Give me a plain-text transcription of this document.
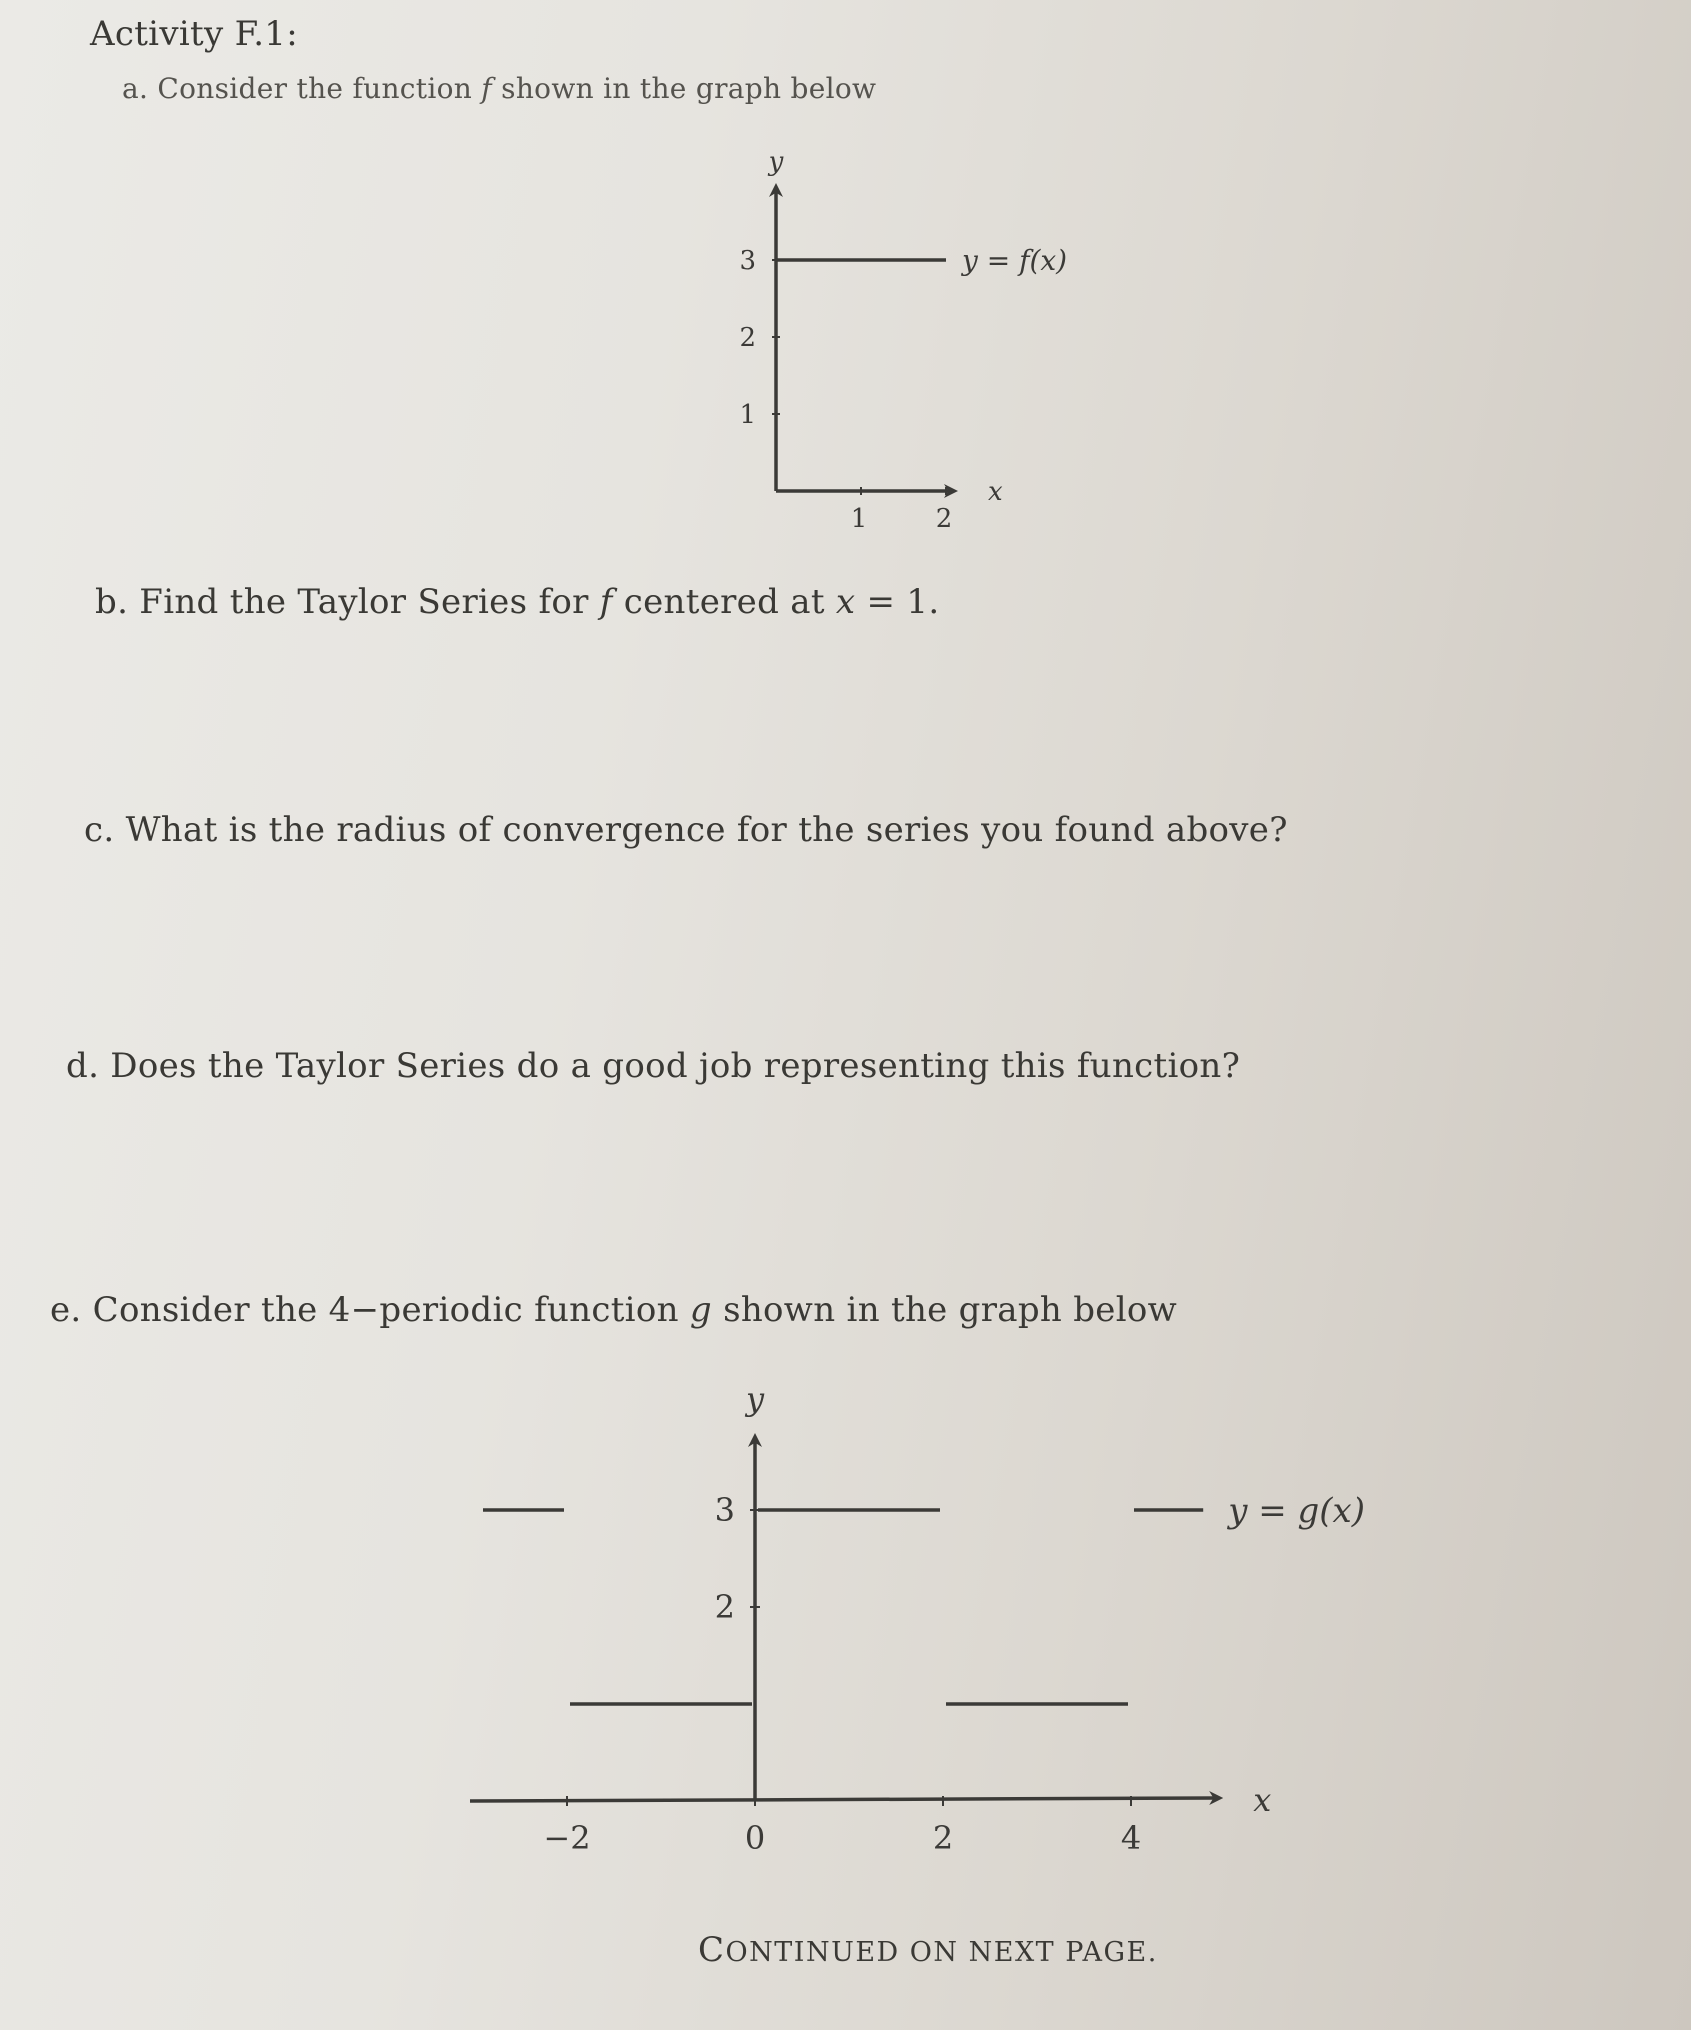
Activity F.1:
a. Consider the function f shown in the graph below
b. Find the Taylor Series for f centered at x = 1.
c. What is the radius of convergence for the series you found above?
d. Does the Taylor Series do a good job representing this function?
e. Consider the 4−periodic function g shown in the graph below
CONTINUED ON NEXT PAGE.
1	2
1
2
3
y
x
y = f(x)
−2	0	2	4
2
3
y
x
y = g(x)
